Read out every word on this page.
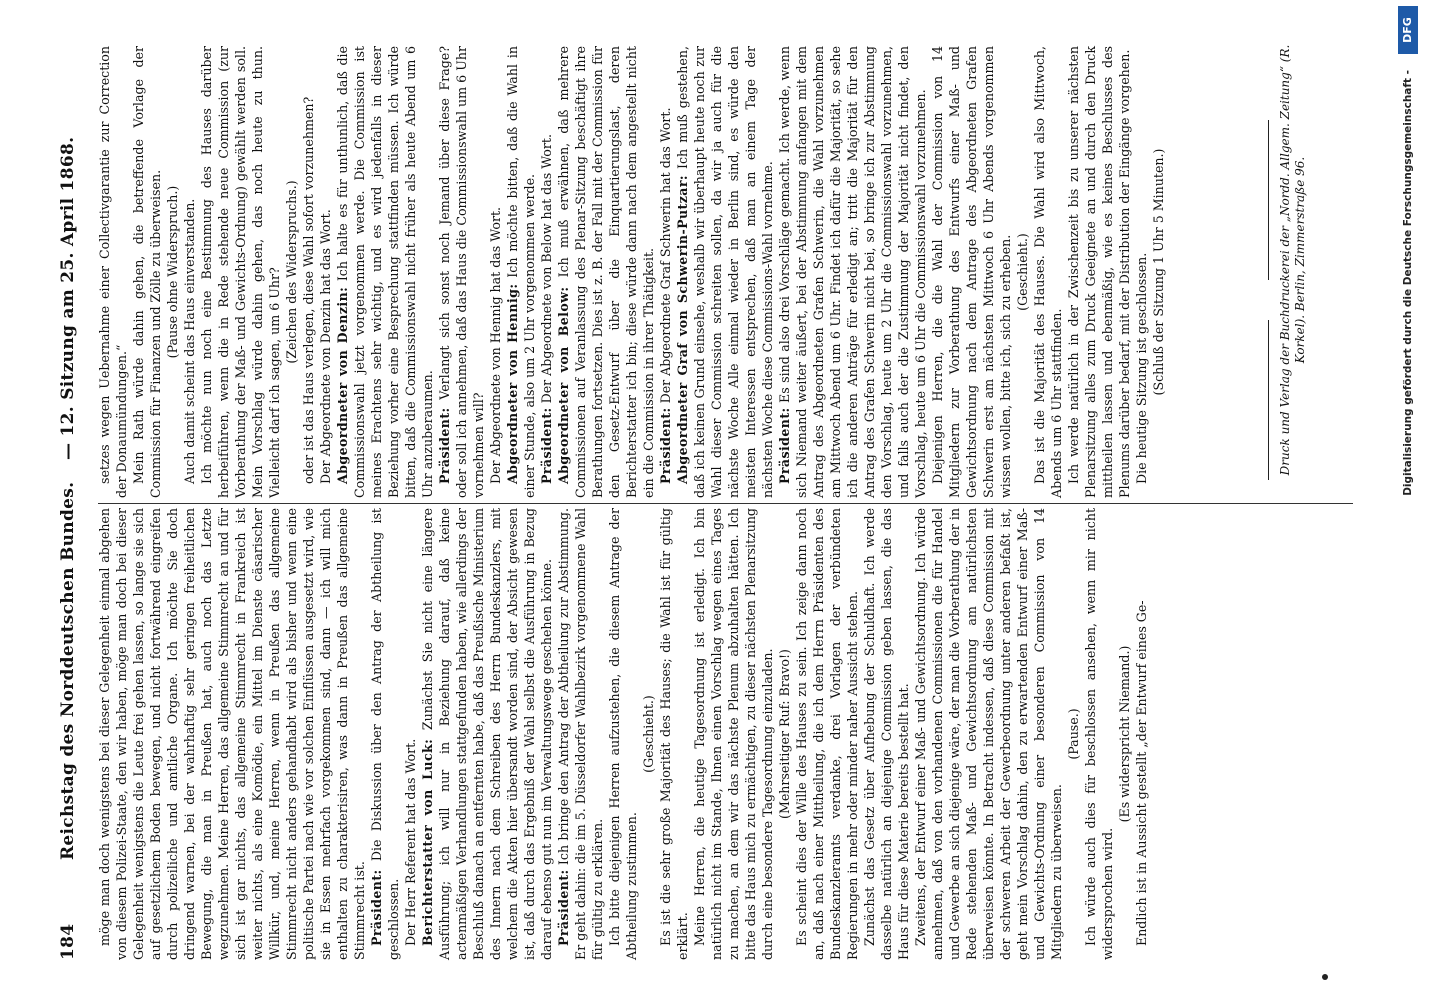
184
Reichstag des Norddeutschen Bundes.
— 12. Sitzung am 25. April 1868.

möge man doch wenigstens bei dieser Gelegenheit einmal abgehen von diesem Polizei-Staate, den wir haben, möge man doch bei dieser Gelegenheit wenigstens die Leute frei gehen lassen, so lange sie sich auf gesetzlichem Boden bewegen, und nicht fortwährend eingreifen durch polizeiliche und amtliche Organe. Ich möchte Sie doch dringend warnen, bei der wahrhaftig sehr geringen freiheitlichen Bewegung, die man in Preußen hat, auch noch das Letzte wegzunehmen. Meine Herren, das allgemeine Stimmrecht an und für sich ist gar nichts, das allgemeine Stimmrecht in Frankreich ist weiter nichts, als eine Komödie, ein Mittel im Dienste cäsarischer Willkür, und, meine Herren, wenn in Preußen das allgemeine Stimmrecht nicht anders gehandhabt wird als bisher und wenn eine politische Partei nach wie vor solchen Einflüssen ausgesetzt wird, wie sie in Essen mehrfach vorgekommen sind, dann — ich will mich enthalten zu charakterisiren, was dann in Preußen das allgemeine Stimmrecht ist. Präsident: Die Diskussion über den Antrag der Abtheilung ist geschlossen. Der Herr Referent hat das Wort. Berichterstatter von Luck: Zunächst Sie nicht eine längere Ausführung; ich will nur in Beziehung darauf, daß keine actenmäßigen Verhandlungen stattgefunden haben, wie allerdings der Beschluß danach an entfernten habe, daß das Preußische Ministerium des Innern nach dem Schreiben des Herrn Bundeskanzlers, mit welchem die Akten hier übersandt worden sind, der Absicht gewesen ist, daß durch das Ergebniß der Wahl selbst die Ausführung in Bezug darauf ebenso gut nun im Verwaltungswege geschehen könne. Präsident: Ich bringe den Antrag der Abtheilung zur Abstimmung. Er geht dahin: die im 5. Düsseldorfer Wahlbezirk vorgenommene Wahl für gültig zu erklären. Ich bitte diejenigen Herren aufzustehen, die diesem Antrage der Abtheilung zustimmen.

(Geschieht.) Es ist die sehr große Majorität des Hauses; die Wahl ist für gültig erklärt. Meine Herren, die heutige Tagesordnung ist erledigt. Ich bin natürlich nicht im Stande, Ihnen einen Vorschlag wegen eines Tages zu machen, an dem wir das nächste Plenum abzuhalten hätten. Ich bitte das Haus mich zu ermächtigen, zu dieser nächsten Plenarsitzung durch eine besondere Tagesordnung einzuladen. (Mehrseitiger Ruf: Bravo!) Es scheint dies der Wille des Hauses zu sein. Ich zeige dann noch an, daß nach einer Mittheilung, die ich dem Herrn Präsidenten des Bundeskanzleramts verdanke, drei Vorlagen der verbündeten Regierungen in mehr oder minder naher Aussicht stehen. Zunächst das Gesetz über Aufhebung der Schuldhaft. Ich werde dasselbe natürlich an diejenige Commission geben lassen, die das Haus für diese Materie bereits bestellt hat. Zweitens, der Entwurf einer Maß- und Gewichtsordnung. Ich würde annehmen, daß von den vorhandenen Commissionen die für Handel und Gewerbe an sich diejenige wäre, der man die Vorberathung der in Rede stehenden Maß- und Gewichtsordnung am natürlichsten überweisen könnte. In Betracht indessen, daß diese Commission mit der schweren Arbeit der Gewerbeordnung unter anderen befaßt ist, geht mein Vorschlag dahin, den zu erwartenden Entwurf einer Maß- und Gewichts-Ordnung einer besonderen Commission von 14 Mitgliedern zu überweisen.

(Pause.) Ich würde auch dies für beschlossen ansehen, wenn mir nicht widersprochen wird.

(Es widerspricht Niemand.) Endlich ist in Aussicht gestellt „der Entwurf eines Ge-

setzes wegen Uebernahme einer Collectivgarantie zur Correction der Donaumündungen.“ Mein Rath würde dahin gehen, die betreffende Vorlage der Commission für Finanzen und Zölle zu überweisen. (Pause ohne Widerspruch.) Auch damit scheint das Haus einverstanden. Ich möchte nun noch eine Bestimmung des Hauses darüber herbeiführen, wenn die in Rede stehende neue Commission (zur Vorberathung der Maß- und Gewichts-Ordnung) gewählt werden soll. Mein Vorschlag würde dahin gehen, das noch heute zu thun. Vielleicht darf ich sagen, um 6 Uhr? (Zeichen des Widerspruchs.) oder ist das Haus verlegen, diese Wahl sofort vorzunehmen? Der Abgeordnete von Denzin hat das Wort. Abgeordneter von Denzin: Ich halte es für unthunlich, daß die Commissionswahl jetzt vorgenommen werde. Die Commission ist meines Erachtens sehr wichtig, und es wird jedenfalls in dieser Beziehung vorher eine Besprechung stattfinden müssen. Ich würde bitten, daß die Commissionswahl nicht früher als heute Abend um 6 Uhr anzuberaumen. Präsident: Verlangt sich sonst noch Jemand über diese Frage? oder soll ich annehmen, daß das Haus die Commissionswahl um 6 Uhr vornehmen will? Der Abgeordnete von Hennig hat das Wort. Abgeordneter von Hennig: Ich möchte bitten, daß die Wahl in einer Stunde, also um 2 Uhr vorgenommen werde. Präsident: Der Abgeordnete von Below hat das Wort. Abgeordneter von Below: Ich muß erwähnen, daß mehrere Commissionen auf Veranlassung des Plenar-Sitzung beschäftigt ihre Berathungen fortsetzen. Dies ist z. B. der Fall mit der Commission für den Gesetz-Entwurf über die Einquartierungslast, deren Berichterstatter ich bin; diese würde dann nach dem angestellt nicht ein die Commission in ihrer Thätigkeit. Präsident: Der Abgeordnete Graf Schwerin hat das Wort. Abgeordneter Graf von Schwerin-Putzar: Ich muß gestehen, daß ich keinen Grund einsehe, weshalb wir überhaupt heute noch zur Wahl dieser Commission schreiten sollen, da wir ja auch für die nächste Woche Alle einmal wieder in Berlin sind, es würde den meisten Interessen entsprechen, daß man an einem Tage der nächsten Woche diese Commissions-Wahl vornehme. Präsident: Es sind also drei Vorschläge gemacht. Ich werde, wenn sich Niemand weiter äußert, bei der Abstimmung anfangen mit dem Antrag des Abgeordneten Grafen Schwerin, die Wahl vorzunehmen am Mittwoch Abend um 6 Uhr. Findet ich dafür die Majorität, so sehe ich die anderen Anträge für erledigt an; tritt die Majorität für den Antrag des Grafen Schwerin nicht bei, so bringe ich zur Abstimmung den Vorschlag, heute um 2 Uhr die Commissionswahl vorzunehmen, und falls auch der die Zustimmung der Majorität nicht findet, den Vorschlag, heute um 6 Uhr die Commissionswahl vorzunehmen. Diejenigen Herren, die die Wahl der Commission von 14 Mitgliedern zur Vorberathung des Entwurfs einer Maß- und Gewichtsordnung nach dem Antrage des Abgeordneten Grafen Schwerin erst am nächsten Mittwoch 6 Uhr Abends vorgenommen wissen wollen, bitte ich, sich zu erheben. (Geschieht.) Das ist die Majorität des Hauses. Die Wahl wird also Mittwoch, Abends um 6 Uhr stattfinden. Ich werde natürlich in der Zwischenzeit bis zu unserer nächsten Plenarsitzung alles zum Druck Geeignete an und durch den Druck mittheilen lassen und ebenmäßig, wie es keines Beschlusses des Plenums darüber bedarf, mit der Distribution der Eingänge vorgehen. Die heutige Sitzung ist geschlossen. (Schluß der Sitzung 1 Uhr 5 Minuten.)	Druck und Verlag der Buchdruckerei der „Nordd. Allgem. Zeitung“ (R. Korkel). Berlin, Zimmerstraße 96.	Digitalisierung gefördert durch die Deutsche Forschungsgemeinschaft -
DFG
